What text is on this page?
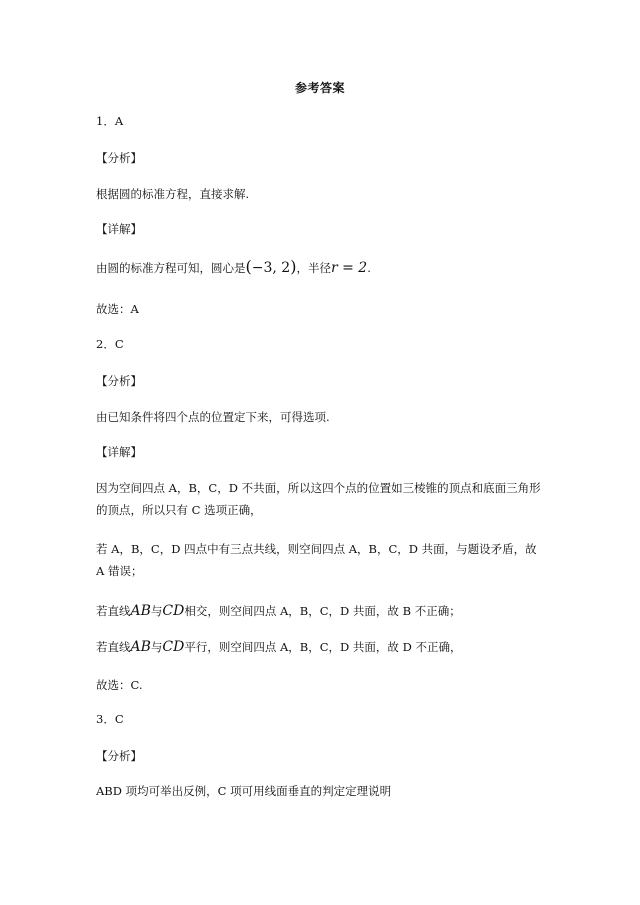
参考答案
1．A
【分析】
根据圆的标准方程，直接求解.
【详解】
由圆的标准方程可知，圆心是(−3, 2)，半径r = 2.
故选：A
2．C
【分析】
由已知条件将四个点的位置定下来，可得选项.
【详解】
因为空间四点 A，B，C，D 不共面，所以这四个点的位置如三棱锥的顶点和底面三角形的顶点，所以只有 C 选项正确，
若 A，B，C，D 四点中有三点共线，则空间四点 A，B，C，D 共面，与题设矛盾，故 A 错误；
若直线AB与CD相交，则空间四点 A，B，C，D 共面，故 B 不正确；
若直线AB与CD平行，则空间四点 A，B，C，D 共面，故 D 不正确，
故选：C.
3．C
【分析】
ABD 项均可举出反例，C 项可用线面垂直的判定定理说明
